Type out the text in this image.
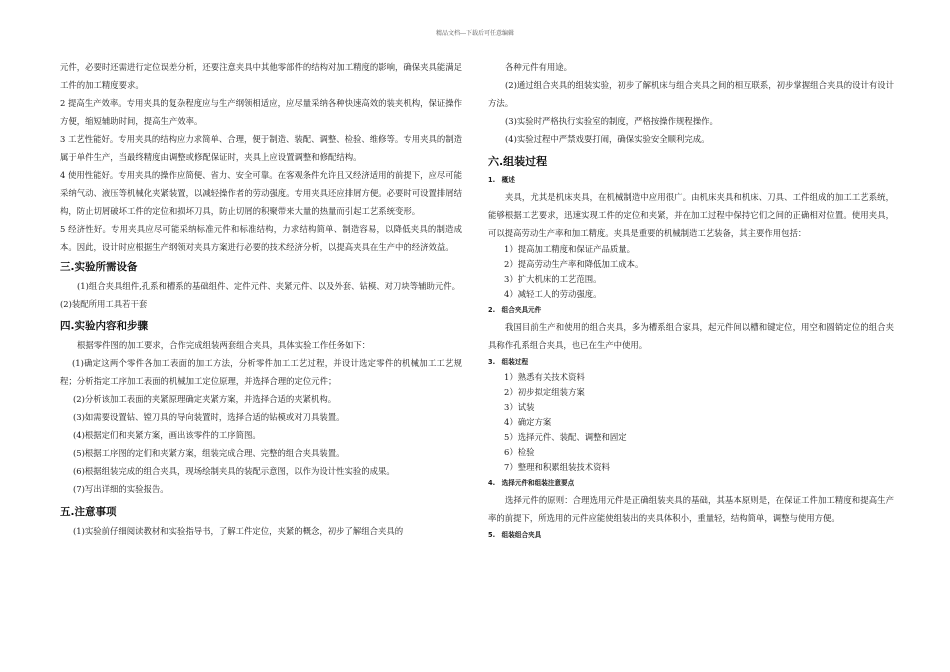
精品文档---下载后可任意编辑

元件，必要时还需进行定位误差分析，还要注意夹具中其他零部件的结构对加工精度的影响，确保夹具能满足工件的加工精度要求。

2 提高生产效率。专用夹具的复杂程度应与生产纲领相适应，应尽量采纳各种快速高效的装夹机构，保证操作方便，缩短辅助时间，提高生产效率。

3 工艺性能好。专用夹具的结构应力求简单、合理，便于制造、装配、调整、检验、维修等。专用夹具的制造属于单件生产，当最终精度由调整或修配保证时，夹具上应设置调整和修配结构。

4 使用性能好。专用夹具的操作应简便、省力、安全可靠。在客观条件允许且又经济适用的前提下，应尽可能采纳气动、液压等机械化夹紧装置，以减轻操作者的劳动强度。专用夹具还应排屑方便。必要时可设置排屑结构，防止切屑破坏工件的定位和损坏刀具，防止切屑的积聚带来大量的热量而引起工艺系统变形。

5 经济性好。专用夹具应尽可能采纳标准元件和标准结构，力求结构简单、制造容易，以降低夹具的制造成本。因此，设计时应根据生产纲领对夹具方案进行必要的技术经济分析，以提高夹具在生产中的经济效益。

三.实验所需设备

(1)组合夹具组件,孔系和槽系的基础组件、定件元件、夹紧元件、以及外套、钻模、对刀块等辅助元件。

(2)装配所用工具若干套

四.实验内容和步骤

根据零件图的加工要求，合作完成组装两套组合夹具，具体实验工作任务如下：

(1)确定这两个零件各加工表面的加工方法，分析零件加工工艺过程，并设计选定零件的机械加工工艺规程；分析指定工序加工表面的机械加工定位原理，并选择合理的定位元件；

(2)分析该加工表面的夹紧原理确定夹紧方案，并选择合适的夹紧机构。

(3)如需要设置钻、镗刀具的导向装置时，选择合适的钻模或对刀具装置。

(4)根据定们和夹紧方案，画出该零件的工序简图。

(5)根据工序图的定们和夹紧方案，组装完成合理、完整的组合夹具装置。

(6)根据组装完成的组合夹具，现场绘制夹具的装配示意图，以作为设计性实验的成果。

(7)写出详细的实验报告。

五.注意事项

(1)实验前仔细阅读教材和实验指导书，了解工件定位，夹紧的概念，初步了解组合夹具的

各种元件有用途。

(2)通过组合夹具的组装实验，初步了解机床与组合夹具之间的相互联系，初步掌握组合夹具的设计有设计方法。

(3)实验时严格执行实验室的制度，严格按操作规程操作。

(4)实验过程中严禁戏耍打闹，确保实验安全顺利完成。

六.组装过程
1.　概述

夹具，尤其是机床夹具，在机械制造中应用很广。由机床夹具和机床、刀具、工件组成的加工工艺系统，能够根据工艺要求，迅速实现工件的定位和夹紧，并在加工过程中保持它们之间的正确相对位置。使用夹具，可以提高劳动生产率和加工精度。夹具是重要的机械制造工艺装备，其主要作用包括：

1）提高加工精度和保证产品质量。
2）提高劳动生产率和降低加工成本。
3）扩大机床的工艺范围。
4）减轻工人的劳动强度。
2.　组合夹具元件

我国目前生产和使用的组合夹具，多为槽系组合家具，起元件间以槽和键定位，用空和圆销定位的组合夹具称作孔系组合夹具，也已在生产中使用。

3.　组装过程
1）熟悉有关技术资料
2）初步拟定组装方案
3）试装
4）确定方案
5）选择元件、装配、调整和固定
6）检验
7）整理和积累组装技术资料
4.　选择元件和组装注意要点

选择元件的原则：合理选用元件是正确组装夹具的基础，其基本原则是，在保证工件加工精度和提高生产率的前提下，所选用的元件应能使组装出的夹具体积小，重量轻，结构简单，调整与使用方便。

5.　组装组合夹具
